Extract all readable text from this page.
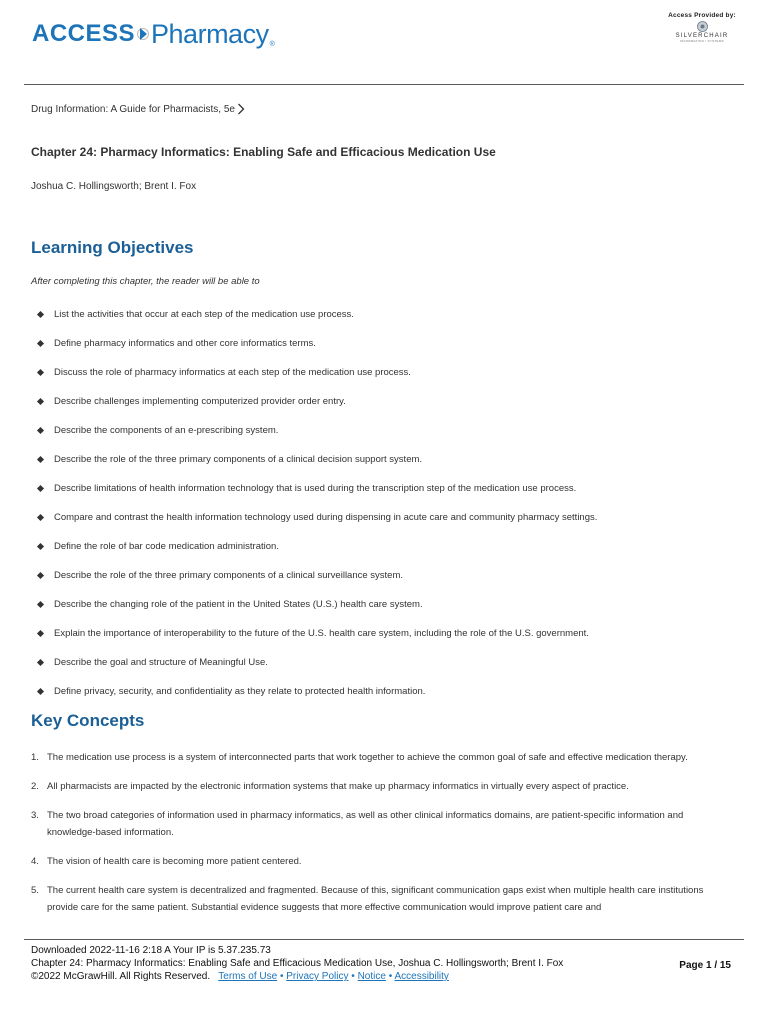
ACCESS Pharmacy ®
Access Provided by:
SILVERCHAIR
INFORMATION / SYSTEMS
Drug Information: A Guide for Pharmacists, 5e
Chapter 24: Pharmacy Informatics: Enabling Safe and Efficacious Medication Use
Joshua C. Hollingsworth; Brent I. Fox
Learning Objectives
After completing this chapter, the reader will be able to
List the activities that occur at each step of the medication use process.
Define pharmacy informatics and other core informatics terms.
Discuss the role of pharmacy informatics at each step of the medication use process.
Describe challenges implementing computerized provider order entry.
Describe the components of an e-prescribing system.
Describe the role of the three primary components of a clinical decision support system.
Describe limitations of health information technology that is used during the transcription step of the medication use process.
Compare and contrast the health information technology used during dispensing in acute care and community pharmacy settings.
Define the role of bar code medication administration.
Describe the role of the three primary components of a clinical surveillance system.
Describe the changing role of the patient in the United States (U.S.) health care system.
Explain the importance of interoperability to the future of the U.S. health care system, including the role of the U.S. government.
Describe the goal and structure of Meaningful Use.
Define privacy, security, and confidentiality as they relate to protected health information.
Key Concepts
1. The medication use process is a system of interconnected parts that work together to achieve the common goal of safe and effective medication therapy.
2. All pharmacists are impacted by the electronic information systems that make up pharmacy informatics in virtually every aspect of practice.
3. The two broad categories of information used in pharmacy informatics, as well as other clinical informatics domains, are patient-specific information and knowledge-based information.
4. The vision of health care is becoming more patient centered.
5. The current health care system is decentralized and fragmented. Because of this, significant communication gaps exist when multiple health care institutions provide care for the same patient. Substantial evidence suggests that more effective communication would improve patient care and
Downloaded 2022-11-16 2:18 A Your IP is 5.37.235.73
Chapter 24: Pharmacy Informatics: Enabling Safe and Efficacious Medication Use, Joshua C. Hollingsworth; Brent I. Fox
©2022 McGrawHill. All Rights Reserved. Terms of Use • Privacy Policy • Notice • Accessibility
Page 1 / 15
